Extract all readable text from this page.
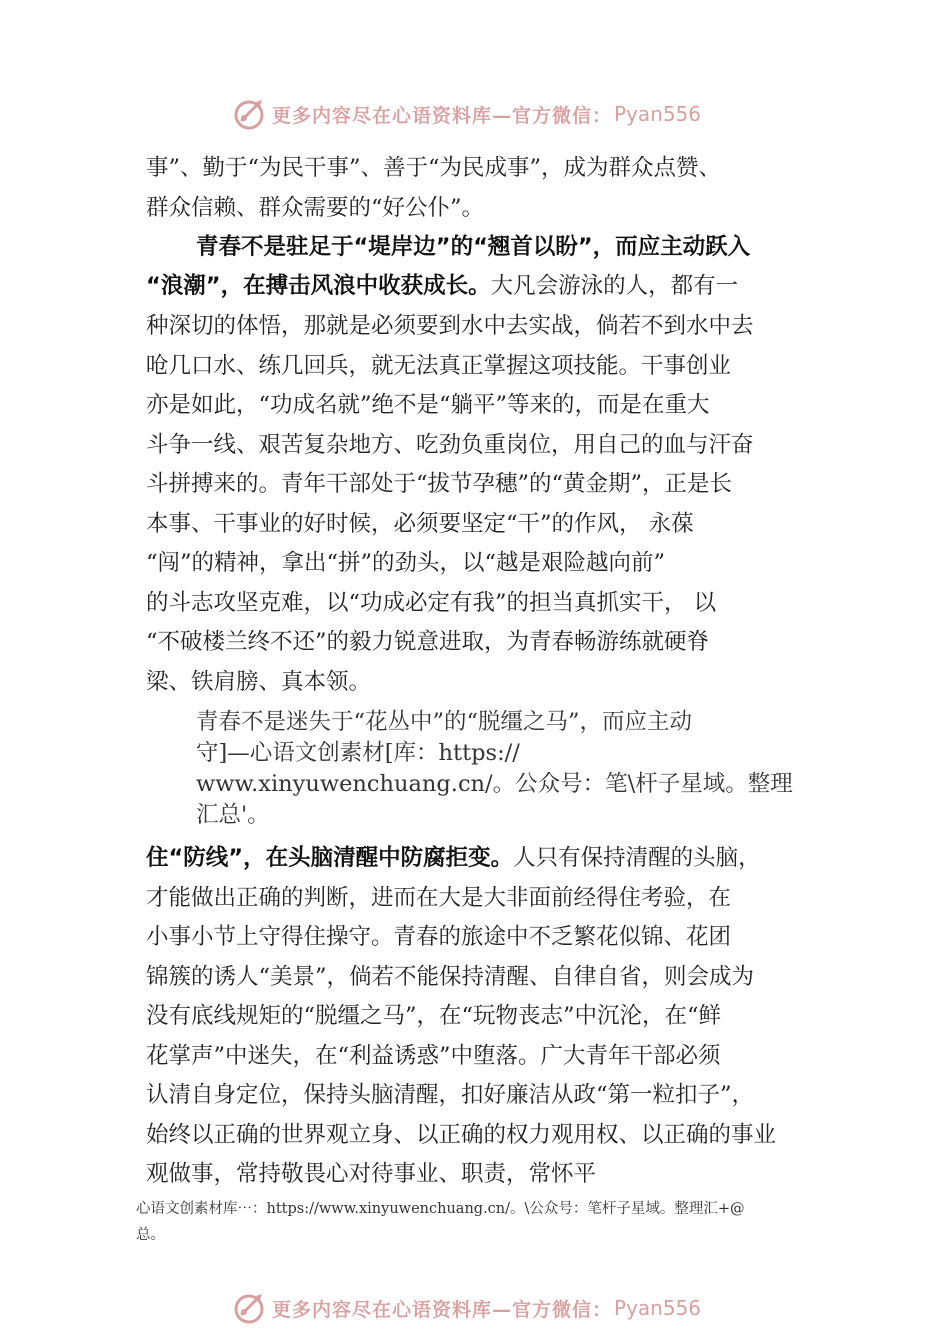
更多内容尽在心语资料库—官方微信： Pyan556
事”、勤于“为民干事”、善于“为民成事”，成为群众点赞、
群众信赖、群众需要的“好公仆”。
青春不是驻足于“堤岸边”的“翘首以盼”，而应主动跃入
“浪潮”，在搏击风浪中收获成长。大凡会游泳的人，都有一
种深切的体悟，那就是必须要到水中去实战，倘若不到水中去
呛几口水、练几回兵，就无法真正掌握这项技能。干事创业
亦是如此，“功成名就”绝不是“躺平”等来的，而是在重大
斗争一线、艰苦复杂地方、吃劲负重岗位，用自己的血与汗奋
斗拼搏来的。青年干部处于“拔节孕穗”的“黄金期”，正是长
本事、干事业的好时候，必须要坚定“干”的作风， 永葆
“闯”的精神，拿出“拼”的劲头，以“越是艰险越向前”
的斗志攻坚克难，以“功成必定有我”的担当真抓实干， 以
“不破楼兰终不还”的毅力锐意进取，为青春畅游练就硬脊
梁、铁肩膀、真本领。
青春不是迷失于“花丛中”的“脱缰之马”，而应主动
守]—心语文创素材[库：https://
www.xinyuwenchuang.cn/。公众号：笔\杆子星域。整理
汇总'。
住“防线”，在头脑清醒中防腐拒变。人只有保持清醒的头脑，
才能做出正确的判断，进而在大是大非面前经得住考验，在
小事小节上守得住操守。青春的旅途中不乏繁花似锦、花团
锦簇的诱人“美景”，倘若不能保持清醒、自律自省，则会成为
没有底线规矩的“脱缰之马”，在“玩物丧志”中沉沦，在“鲜
花掌声”中迷失，在“利益诱惑”中堕落。广大青年干部必须
认清自身定位，保持头脑清醒，扣好廉洁从政“第一粒扣子”，
始终以正确的世界观立身、以正确的权力观用权、以正确的事业
观做事，常持敬畏心对待事业、职责，常怀平
心语文创素材库⋯：https://www.xinyuwenchuang.cn/。\公众号：笔杆子星域。整理汇+@
总。
更多内容尽在心语资料库—官方微信： Pyan556
